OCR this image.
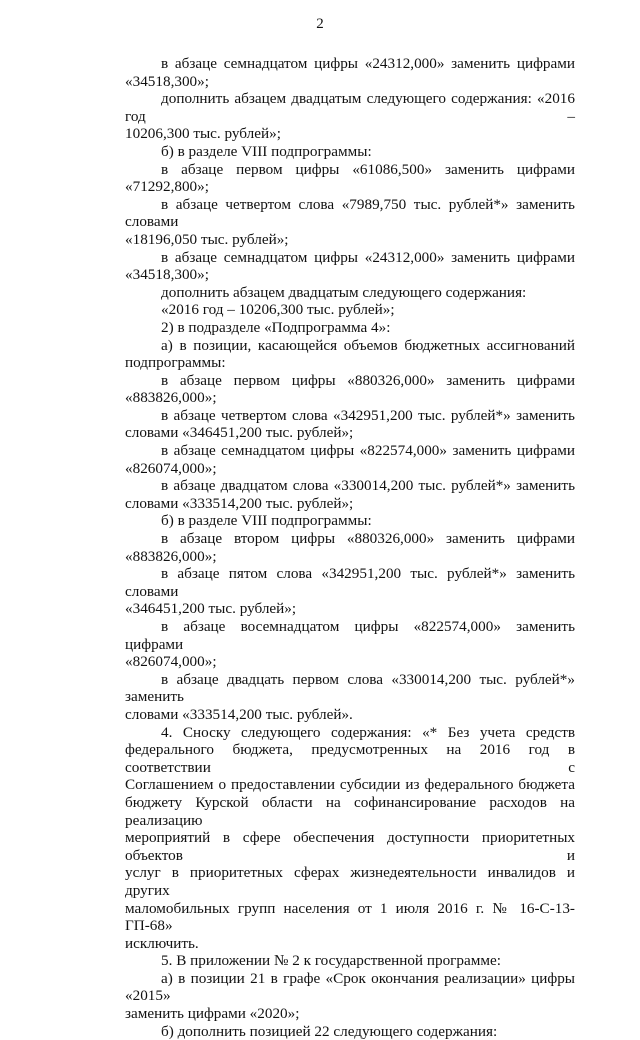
2

в абзаце семнадцатом цифры «24312,000» заменить цифрами

«34518,300»;

дополнить абзацем двадцатым следующего содержания: «2016 год –

10206,300 тыс. рублей»;

б) в разделе VIII подпрограммы:

в абзаце первом цифры «61086,500» заменить цифрами «71292,800»;

в абзаце четвертом слова «7989,750 тыс. рублей*» заменить словами

«18196,050 тыс. рублей»;

в абзаце семнадцатом цифры «24312,000» заменить цифрами

«34518,300»;

дополнить абзацем двадцатым следующего содержания:

«2016 год – 10206,300 тыс. рублей»;

2) в подразделе «Подпрограмма 4»:

а) в позиции, касающейся объемов бюджетных ассигнований

подпрограммы:

в абзаце первом цифры «880326,000» заменить цифрами

«883826,000»;

в абзаце четвертом слова «342951,200 тыс. рублей*» заменить

словами «346451,200 тыс. рублей»;

в абзаце семнадцатом цифры «822574,000» заменить цифрами

«826074,000»;

в абзаце двадцатом слова «330014,200 тыс. рублей*» заменить

словами «333514,200 тыс. рублей»;

б) в разделе VIII подпрограммы:

в абзаце втором цифры «880326,000» заменить цифрами

«883826,000»;

в абзаце пятом слова «342951,200 тыс. рублей*» заменить словами

«346451,200 тыс. рублей»;

в абзаце восемнадцатом цифры «822574,000» заменить цифрами

«826074,000»;

в абзаце двадцать первом слова «330014,200 тыс. рублей*» заменить

словами «333514,200 тыс. рублей».

4. Сноску следующего содержания: «* Без учета средств

федерального бюджета, предусмотренных на 2016 год в соответствии с

Соглашением о предоставлении субсидии из федерального бюджета

бюджету Курской области на софинансирование расходов на реализацию

мероприятий в сфере обеспечения доступности приоритетных объектов и

услуг в приоритетных сферах жизнедеятельности инвалидов и других

маломобильных групп населения от 1 июля 2016 г. № 16-С-13-ГП-68»

исключить.

5. В приложении № 2 к государственной программе:

а) в позиции 21 в графе «Срок окончания реализации» цифры «2015»

заменить цифрами «2020»;

б) дополнить позицией 22 следующего содержания:
